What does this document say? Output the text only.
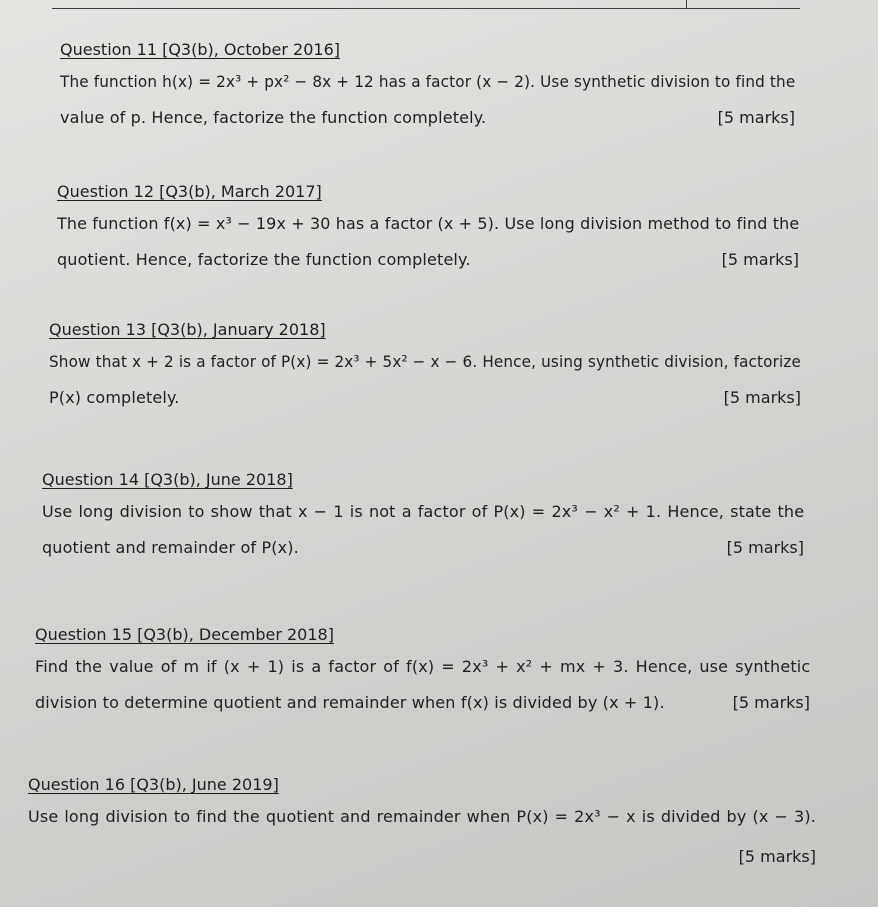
Question 11 [Q3(b), October 2016]
The function h(x) = 2x³ + px² − 8x + 12 has a factor (x − 2). Use synthetic division to find the
value of p. Hence, factorize the function completely.	[5 marks]
Question 12 [Q3(b), March 2017]
The function f(x) = x³ − 19x + 30 has a factor (x + 5). Use long division method to find the
quotient. Hence, factorize the function completely.	[5 marks]
Question 13 [Q3(b), January 2018]
Show that x + 2 is a factor of P(x) = 2x³ + 5x² − x − 6. Hence, using synthetic division, factorize
P(x) completely.	[5 marks]
Question 14 [Q3(b), June 2018]
Use long division to show that x − 1 is not a factor of P(x) = 2x³ − x² + 1. Hence, state the
quotient and remainder of P(x).	[5 marks]
Question 15 [Q3(b), December 2018]
Find the value of m if (x + 1) is a factor of f(x) = 2x³ + x² + mx + 3. Hence, use synthetic
division to determine quotient and remainder when f(x) is divided by (x + 1).	[5 marks]
Question 16 [Q3(b), June 2019]
Use long division to find the quotient and remainder when P(x) = 2x³ − x is divided by (x − 3).
[5 marks]
